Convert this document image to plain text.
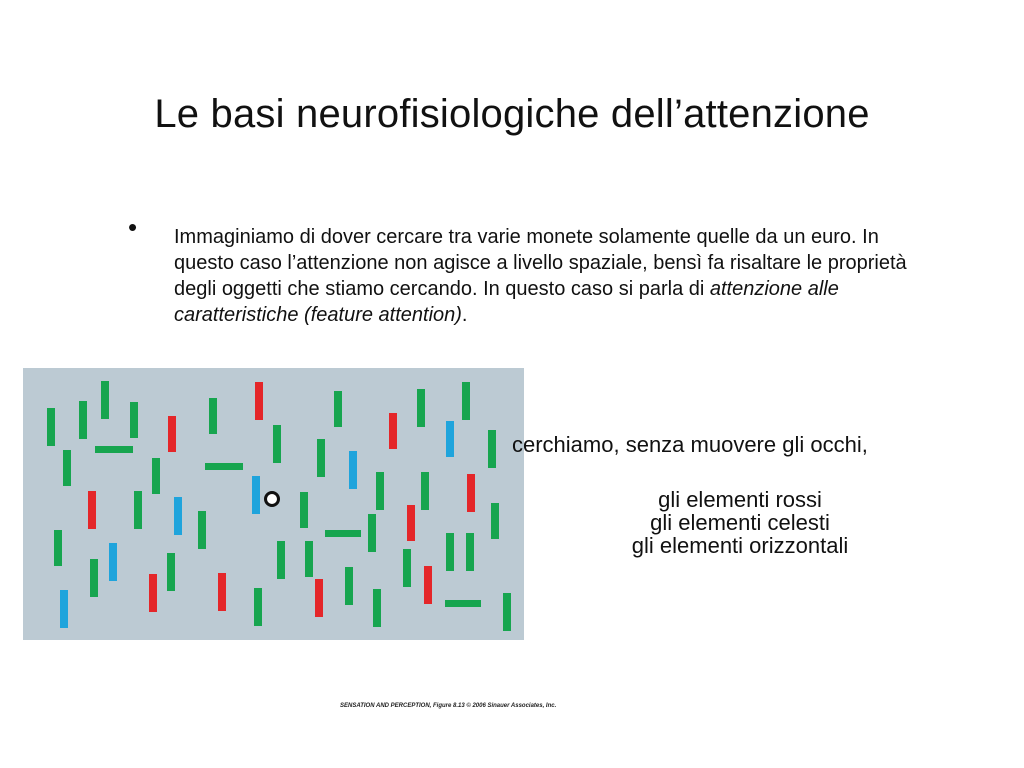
Le basi neurofisiologiche dell’attenzione
• Immaginiamo di dover cercare tra varie monete solamente quelle da un euro. In questo caso l’attenzione non agisce a livello spaziale, bensì fa risaltare le proprietà degli oggetti che stiamo cercando. In questo caso si parla di attenzione alle caratteristiche (feature attention).

cerchiamo, senza muovere gli occhi,
gli elementi rossi
gli elementi celesti
gli elementi orizzontali
SENSATION AND PERCEPTION, Figure 8.13 © 2006 Sinauer Associates, Inc.
